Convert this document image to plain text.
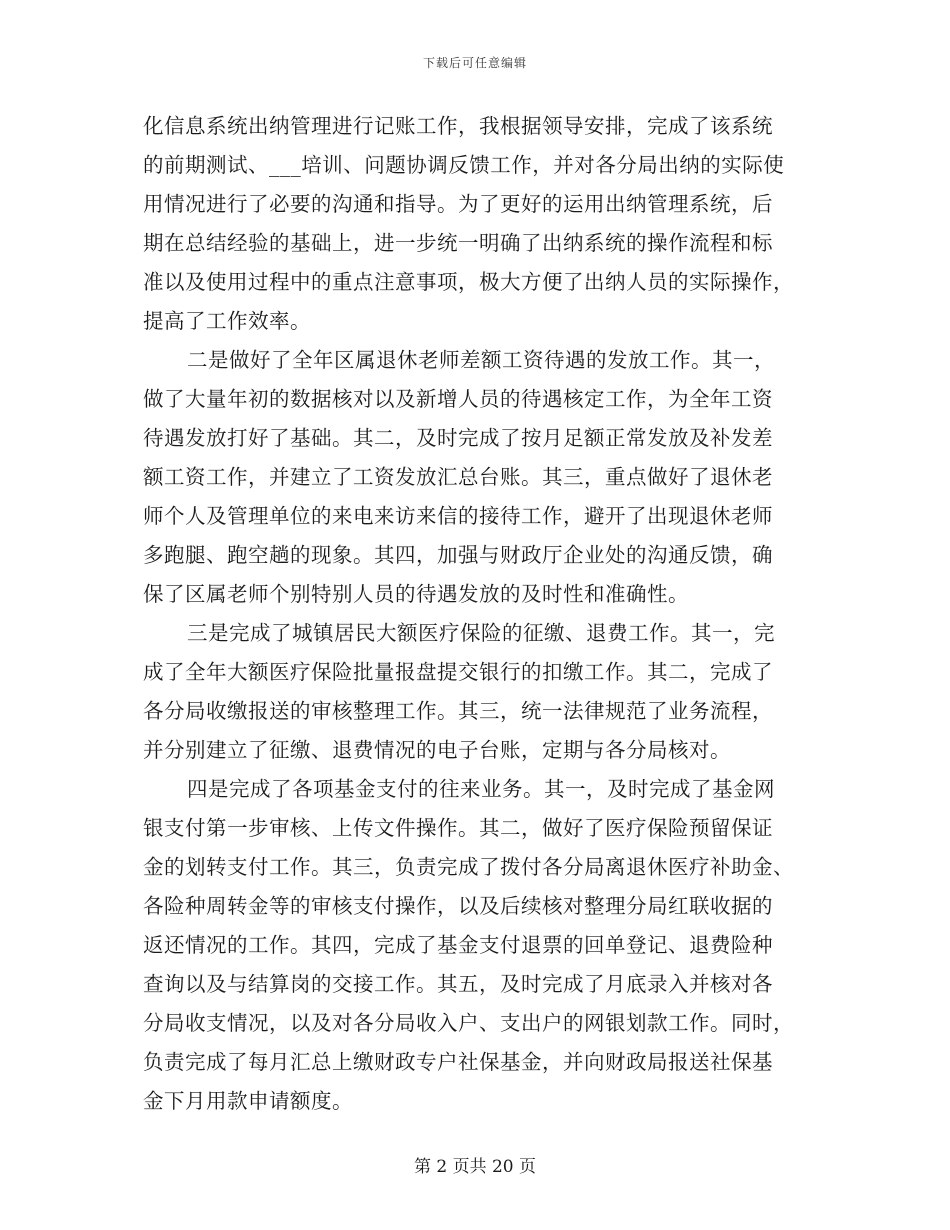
下载后可任意编辑
化信息系统出纳管理进行记账工作，我根据领导安排，完成了该系统
的前期测试、___培训、问题协调反馈工作，并对各分局出纳的实际使
用情况进行了必要的沟通和指导。为了更好的运用出纳管理系统，后
期在总结经验的基础上，进一步统一明确了出纳系统的操作流程和标
准以及使用过程中的重点注意事项，极大方便了出纳人员的实际操作，
提高了工作效率。
二是做好了全年区属退休老师差额工资待遇的发放工作。其一，
做了大量年初的数据核对以及新增人员的待遇核定工作，为全年工资
待遇发放打好了基础。其二，及时完成了按月足额正常发放及补发差
额工资工作，并建立了工资发放汇总台账。其三，重点做好了退休老
师个人及管理单位的来电来访来信的接待工作，避开了出现退休老师
多跑腿、跑空趟的现象。其四，加强与财政厅企业处的沟通反馈，确
保了区属老师个别特别人员的待遇发放的及时性和准确性。
三是完成了城镇居民大额医疗保险的征缴、退费工作。其一，完
成了全年大额医疗保险批量报盘提交银行的扣缴工作。其二，完成了
各分局收缴报送的审核整理工作。其三，统一法律规范了业务流程，
并分别建立了征缴、退费情况的电子台账，定期与各分局核对。
四是完成了各项基金支付的往来业务。其一，及时完成了基金网
银支付第一步审核、上传文件操作。其二，做好了医疗保险预留保证
金的划转支付工作。其三，负责完成了拨付各分局离退休医疗补助金、
各险种周转金等的审核支付操作，以及后续核对整理分局红联收据的
返还情况的工作。其四，完成了基金支付退票的回单登记、退费险种
查询以及与结算岗的交接工作。其五，及时完成了月底录入并核对各
分局收支情况，以及对各分局收入户、支出户的网银划款工作。同时，
负责完成了每月汇总上缴财政专户社保基金，并向财政局报送社保基
金下月用款申请额度。
第 2 页共 20 页
